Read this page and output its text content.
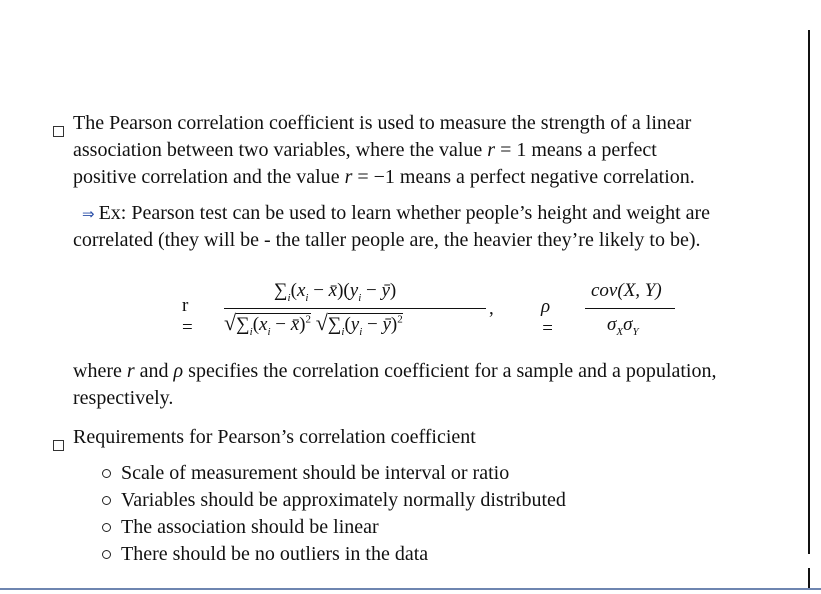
The Pearson correlation coefficient is used to measure the strength of a linear
association between two variables, where the value r = 1 means a perfect
positive correlation and the value r = −1 means a perfect negative correlation.
⇒ Ex: Pearson test can be used to learn whether people’s height and weight are
correlated (they will be - the taller people are, the heavier they’re likely to be).
r =
$\sum_i(x_i$ − $x̄)(y_i$ − ȳ)
$√\sum_i(x_i$ − x̄)$^2$ $√\sum_i(y_i$ − ȳ)$^2$
, ρ =
cov(X, Y)
$\sigma_X\sigma_Y$
where r and ρ specifies the correlation coefficient for a sample and a population,
respectively.
Requirements for Pearson’s correlation coefficient
Scale of measurement should be interval or ratio
Variables should be approximately normally distributed
The association should be linear
There should be no outliers in the data
